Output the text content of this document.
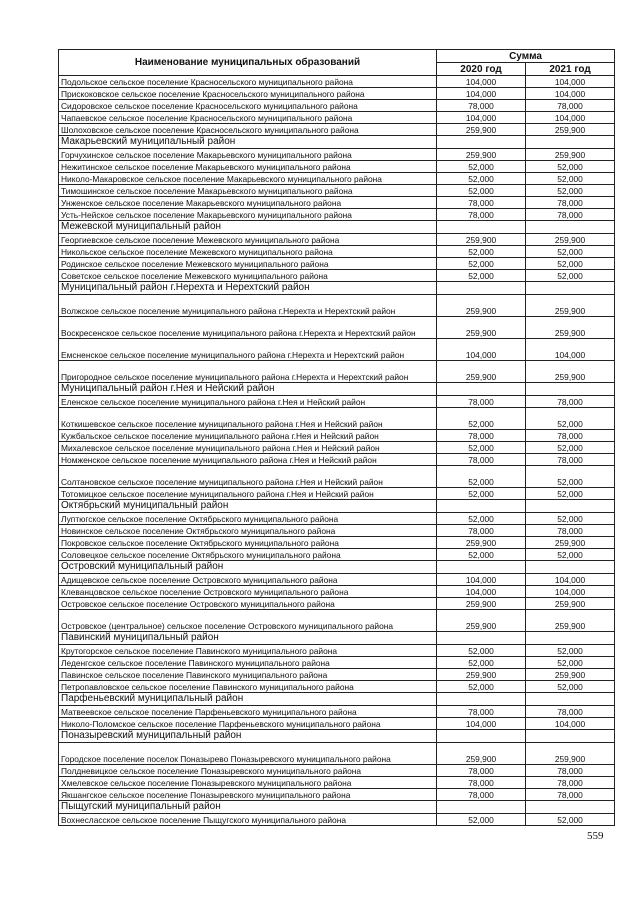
Наименование муниципальных образований	Сумма	
	2020 год	2021 год
Подольское сельское поселение Красносельского муниципального района	104,000	104,000
Прискоковское сельское поселение Красносельского муниципального района	104,000	104,000
Сидоровское сельское поселение Красносельского муниципального района	78,000	78,000
Чапаевское сельское поселение Красносельского муниципального района	104,000	104,000
Шолоховское сельское поселение Красносельского муниципального района	259,900	259,900
Макарьевский муниципальный район		
Горчухинское сельское поселение Макарьевского муниципального района	259,900	259,900
Нежитинское сельское поселение Макарьевского муниципального района	52,000	52,000
Николо-Макаровское сельское поселение Макарьевского муниципального района	52,000	52,000
Тимошинское сельское поселение Макарьевского муниципального района	52,000	52,000
Унженское сельское поселение Макарьевского муниципального района	78,000	78,000
Усть-Нейское сельское поселение Макарьевского муниципального района	78,000	78,000
Межевской муниципальный район		
Георгиевское сельское поселение Межевского муниципального района	259,900	259,900
Никольское сельское поселение Межевского муниципального района	52,000	52,000
Родинское сельское поселение Межевского муниципального района	52,000	52,000
Советское сельское поселение Межевского муниципального района	52,000	52,000
Муниципальный район г.Нерехта и Нерехтский район		
Волжское сельское поселение муниципального района г.Нерехта и Нерехтский район	259,900	259,900
Воскресенское сельское поселение муниципального района г.Нерехта и Нерехтский район	259,900	259,900
Емсненское сельское поселение муниципального района г.Нерехта и Нерехтский район	104,000	104,000
Пригородное сельское поселение муниципального района г.Нерехта и Нерехтский район	259,900	259,900
Муниципальный район г.Нея и Нейский район		
Еленское сельское поселение муниципального района г.Нея и Нейский район	78,000	78,000
Коткишевское сельское поселение муниципального района г.Нея и Нейский район	52,000	52,000
Кужбальское сельское поселение муниципального района г.Нея и Нейский район	78,000	78,000
Михалевское сельское поселение муниципального района г.Нея и Нейский район	52,000	52,000
Номженское сельское поселение муниципального района г.Нея и Нейский район	78,000	78,000
Солтановское сельское поселение муниципального района г.Нея и Нейский район	52,000	52,000
Тотомицкое сельское поселение муниципального района г.Нея и Нейский район	52,000	52,000
Октябрьский муниципальный район		
Луптюгское сельское поселение Октябрьского муниципального района	52,000	52,000
Новинское сельское поселение Октябрьского муниципального района	78,000	78,000
Покровское сельское поселение Октябрьского муниципального района	259,900	259,900
Соловецкое сельское поселение Октябрьского муниципального района	52,000	52,000
Островский муниципальный район		
Адищевское сельское поселение Островского муниципального района	104,000	104,000
Клеванцовское сельское поселение Островского муниципального района	104,000	104,000
Островское сельское поселение Островского муниципального района	259,900	259,900
Островское (центральное) сельское поселение Островского муниципального района	259,900	259,900
Павинский муниципальный район		
Крутогорское сельское поселение Павинского муниципального района	52,000	52,000
Леденгское сельское поселение Павинского муниципального района	52,000	52,000
Павинское сельское поселение Павинского муниципального района	259,900	259,900
Петропавловское сельское поселение Павинского муниципального района	52,000	52,000
Парфеньевский муниципальный район		
Матвеевское сельское поселение Парфеньевского муниципального района	78,000	78,000
Николо-Поломское сельское поселение Парфеньевского муниципального района	104,000	104,000
Поназыревский муниципальный район		
Городское поселение поселок Поназырево Поназыревского муниципального района	259,900	259,900
Полдневицкое сельское поселение Поназыревского муниципального района	78,000	78,000
Хмелевское сельское поселение Поназыревского муниципального района	78,000	78,000
Якшангское сельское поселение Поназыревского муниципального района	78,000	78,000
Пыщугский муниципальный район		
Вохнесласское сельское поселение Пыщугского муниципального района	52,000	52,000
559
